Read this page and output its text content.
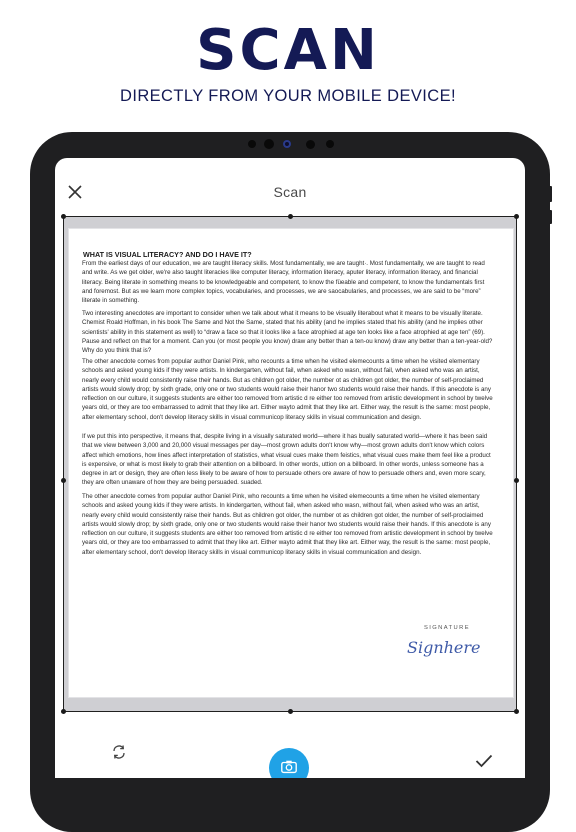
SCAN
DIRECTLY FROM YOUR MOBILE DEVICE!
Scan
WHAT IS VISUAL LITERACY? AND DO I HAVE IT?

From the earliest days of our education, we are taught literacy skills. Most fundamentally, we are taught·. Most fundamentally, we are taught to read and write. As we get older, we're also taught literacies like computer literacy, information literacy, aputer literacy, information literacy, and financial literacy. Being literate in something means to be knowledgeable and competent, to know the füeable and competent, to know the fundamentals first and foremost. But as we learn more complex topics, vocabularies, and processes, we are saocabularies, and processes, we are said to be “more” literate in something.

Two interesting anecdotes are important to consider when we talk about what it means to be visually literabout what it means to be visually literate. Chemist Roald Hoffman, in his book The Same and Not the Same, stated that his ability (and he implies stated that his ability (and he implies other scientists' ability in this statement as well) to “draw a face so that it looks like a face atrophied at age ten looks like a face atrophied at age ten” (69). Pause and reflect on that for a moment. Can you (or most people you know) draw any better than a ten-ou know) draw any better than a ten-year-old? Why do you think that is?

The other anecdote comes from popular author Daniel Pink, who recounts a time when he visited elemecounts a time when he visited elementary schools and asked young kids if they were artists. In kindergarten, without fail, when asked who wasn, without fail, when asked who was an artist, nearly every child would consistently raise their hands. But as children got older, the number ot as children got older, the number of self-proclaimed artists would slowly drop; by sixth grade, only one or two students would raise their hanor two students would raise their hands. If this anecdote is any reflection on our culture, it suggests students are either too removed from artistic d re either too removed from artistic development in school by twelve years old, or they are too embarrassed to admit that they like art. Either wayto admit that they like art. Either way, the result is the same: most people, after elementary school, don't develop literacy skills in visual communicop literacy skills in visual communication and design.

If we put this into perspective, it means that, despite living in a visually saturated world—where it has bually saturated world—where it has been said that we view between 3,000 and 20,000 visual messages per day—most grown adults don't know why—most grown adults don't know which colors affect which emotions, how lines affect interpretation of statistics, what visual cues make them feistics, what visual cues make them feel like a product is expensive, or what is most likely to grab their attention on a billboard. In other words, uttion on a billboard. In other words, unless someone has a degree in art or design, they are often less likely to be aware of how to persuade others ore aware of how to persuade others and, even more scary, they are often unaware of how they are being persuaded. suaded.

The other anecdote comes from popular author Daniel Pink, who recounts a time when he visited elemecounts a time when he visited elementary schools and asked young kids if they were artists. In kindergarten, without fail, when asked who wasn, without fail, when asked who was an artist, nearly every child would consistently raise their hands. But as children got older, the number ot as children got older, the number of self-proclaimed artists would slowly drop; by sixth grade, only one or two students would raise their hanor two students would raise their hands. If this anecdote is any reflection on our culture, it suggests students are either too removed from artistic d re either too removed from artistic development in school by twelve years old, or they are too embarrassed to admit that they like art. Either wayto admit that they like art. Either way, the result is the same: most people, after elementary school, don't develop literacy skills in visual communicop literacy skills in visual communication and design.

SIGNATURE
Signhere
